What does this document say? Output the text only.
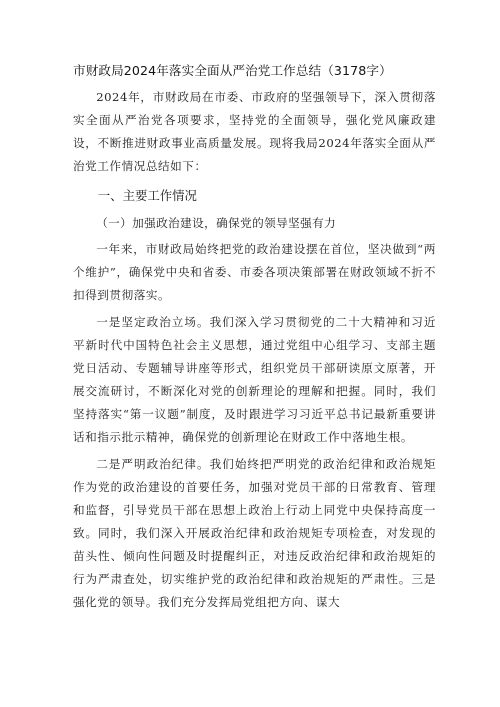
市财政局2024年落实全面从严治党工作总结（3178字）

2024年，市财政局在市委、市政府的坚强领导下，深入贯彻落实全面从严治党各项要求，坚持党的全面领导，强化党风廉政建设，不断推进财政事业高质量发展。现将我局2024年落实全面从严治党工作情况总结如下：

一、主要工作情况
（一）加强政治建设，确保党的领导坚强有力

一年来，市财政局始终把党的政治建设摆在首位，坚决做到“两个维护”，确保党中央和省委、市委各项决策部署在财政领域不折不扣得到贯彻落实。

一是坚定政治立场。我们深入学习贯彻党的二十大精神和习近平新时代中国特色社会主义思想，通过党组中心组学习、支部主题党日活动、专题辅导讲座等形式，组织党员干部研读原文原著，开展交流研讨，不断深化对党的创新理论的理解和把握。同时，我们坚持落实“第一议题”制度，及时跟进学习习近平总书记最新重要讲话和指示批示精神，确保党的创新理论在财政工作中落地生根。

二是严明政治纪律。我们始终把严明党的政治纪律和政治规矩作为党的政治建设的首要任务，加强对党员干部的日常教育、管理和监督，引导党员干部在思想上政治上行动上同党中央保持高度一致。同时，我们深入开展政治纪律和政治规矩专项检查，对发现的苗头性、倾向性问题及时提醒纠正，对违反政治纪律和政治规矩的行为严肃查处，切实维护党的政治纪律和政治规矩的严肃性。三是强化党的领导。我们充分发挥局党组把方向、谋大
